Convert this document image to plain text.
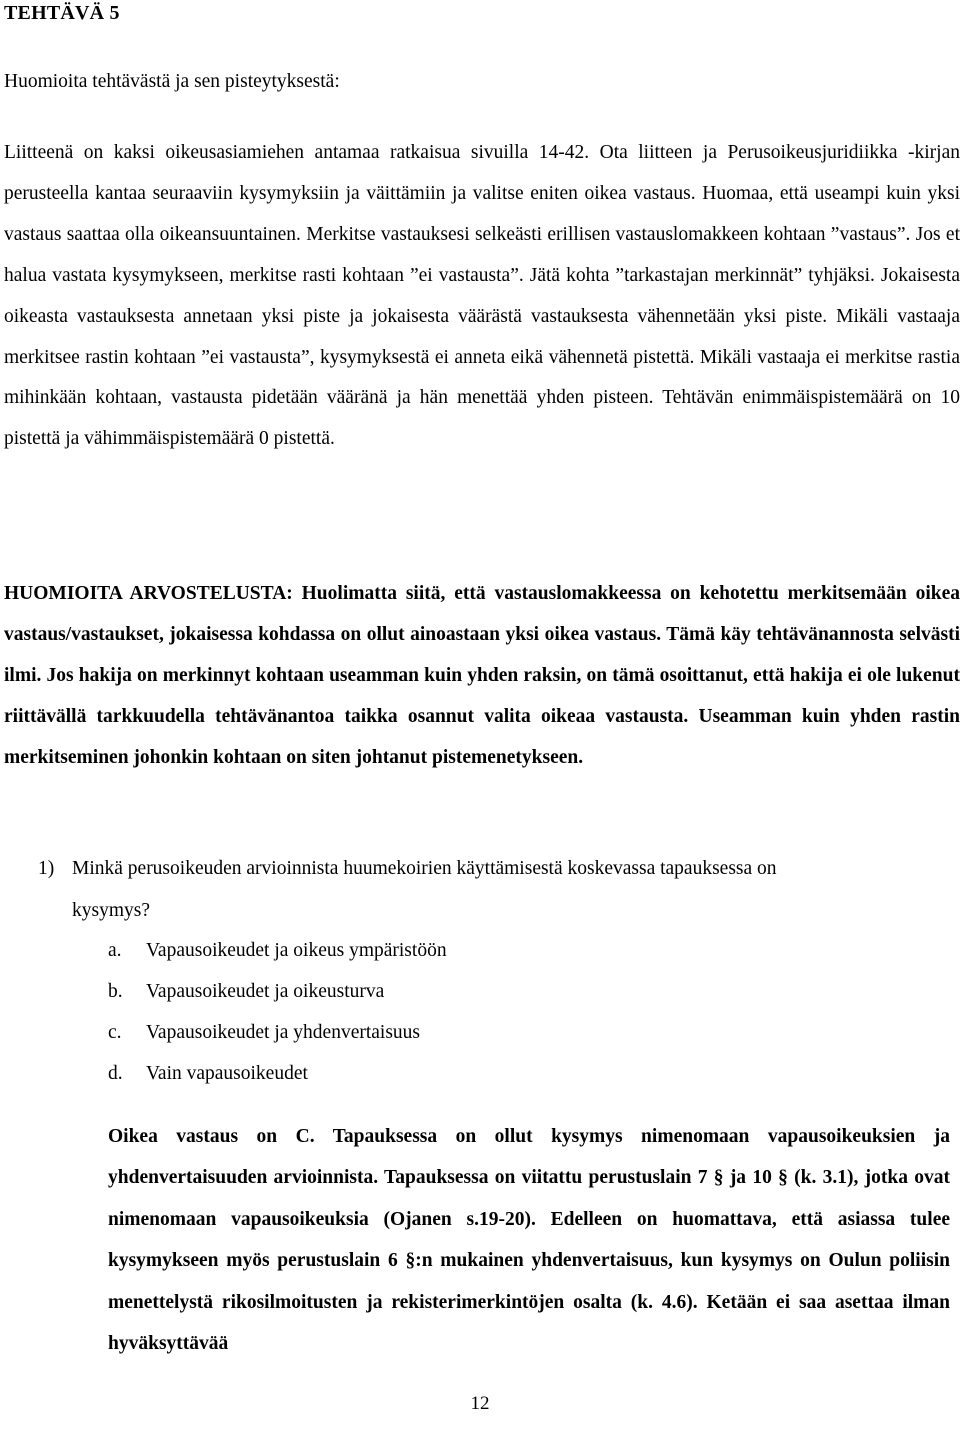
TEHTÄVÄ 5

Huomioita tehtävästä ja sen pisteytyksestä:

Liitteenä on kaksi oikeusasiamiehen antamaa ratkaisua sivuilla 14-42. Ota liitteen ja Perusoikeusjuridiikka -kirjan perusteella kantaa seuraaviin kysymyksiin ja väittämiin ja valitse eniten oikea vastaus. Huomaa, että useampi kuin yksi vastaus saattaa olla oikeansuuntainen. Merkitse vastauksesi selkeästi erillisen vastauslomakkeen kohtaan ”vastaus”. Jos et halua vastata kysymykseen, merkitse rasti kohtaan ”ei vastausta”. Jätä kohta ”tarkastajan merkinnät” tyhjäksi. Jokaisesta oikeasta vastauksesta annetaan yksi piste ja jokaisesta väärästä vastauksesta vähennetään yksi piste. Mikäli vastaaja merkitsee rastin kohtaan ”ei vastausta”, kysymyksestä ei anneta eikä vähennetä pistettä. Mikäli vastaaja ei merkitse rastia mihinkään kohtaan, vastausta pidetään vääränä ja hän menettää yhden pisteen. Tehtävän enimmäispistemäärä on 10 pistettä ja vähimmäispistemäärä 0 pistettä.

HUOMIOITA ARVOSTELUSTA: Huolimatta siitä, että vastauslomakkeessa on kehotettu merkitsemään oikea vastaus/vastaukset, jokaisessa kohdassa on ollut ainoastaan yksi oikea vastaus. Tämä käy tehtävänannosta selvästi ilmi. Jos hakija on merkinnyt kohtaan useamman kuin yhden raksin, on tämä osoittanut, että hakija ei ole lukenut riittävällä tarkkuudella tehtävänantoa taikka osannut valita oikeaa vastausta. Useamman kuin yhden rastin merkitseminen johonkin kohtaan on siten johtanut pistemenetykseen.

1) Minkä perusoikeuden arvioinnista huumekoirien käyttämisestä koskevassa tapauksessa on
kysymys?
a. Vapausoikeudet ja oikeus ympäristöön
b. Vapausoikeudet ja oikeusturva
c. Vapausoikeudet ja yhdenvertaisuus
d. Vain vapausoikeudet

Oikea vastaus on C. Tapauksessa on ollut kysymys nimenomaan vapausoikeuksien ja yhdenvertaisuuden arvioinnista. Tapauksessa on viitattu perustuslain 7 § ja 10 § (k. 3.1), jotka ovat nimenomaan vapausoikeuksia (Ojanen s.19-20). Edelleen on huomattava, että asiassa tulee kysymykseen myös perustuslain 6 §:n mukainen yhdenvertaisuus, kun kysymys on Oulun poliisin menettelystä rikosilmoitusten ja rekisterimerkintöjen osalta (k. 4.6). Ketään ei saa asettaa ilman hyväksyttävää

12
